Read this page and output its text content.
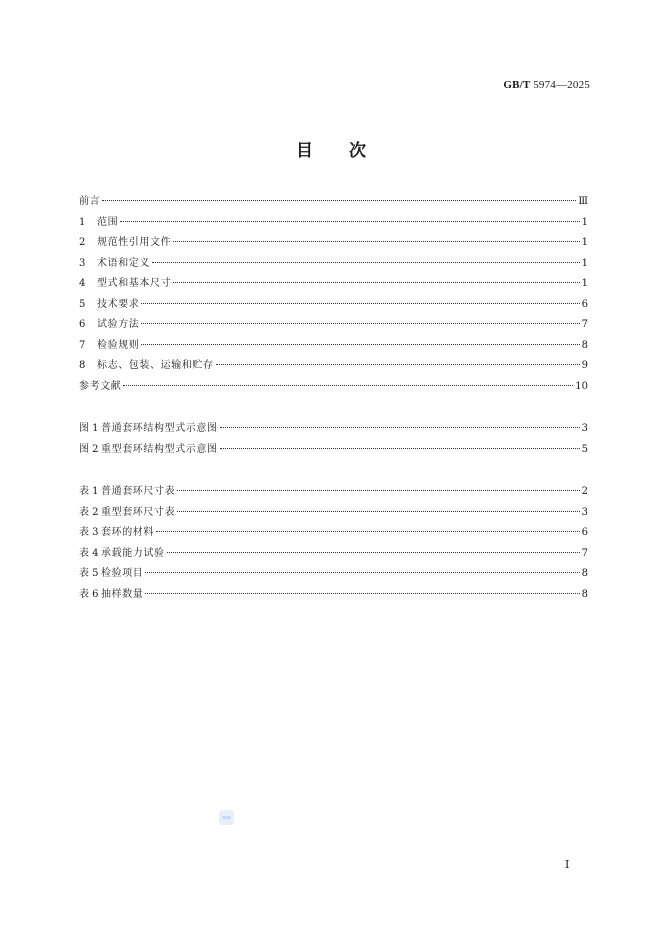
GB/T 5974—2025
目次
前言	Ⅲ
1	范围	1
2	规范性引用文件	1
3	术语和定义	1
4	型式和基本尺寸	1
5	技术要求	6
6	试验方法	7
7	检验规则	8
8	标志、包装、运输和贮存	9
参考文献	10
图 1 普通套环结构型式示意图	3
图 2 重型套环结构型式示意图	5
表 1 普通套环尺寸表	2
表 2 重型套环尺寸表	3
表 3 套环的材料	6
表 4 承载能力试验	7
表 5 检验项目	8
表 6 抽样数量	8
I
